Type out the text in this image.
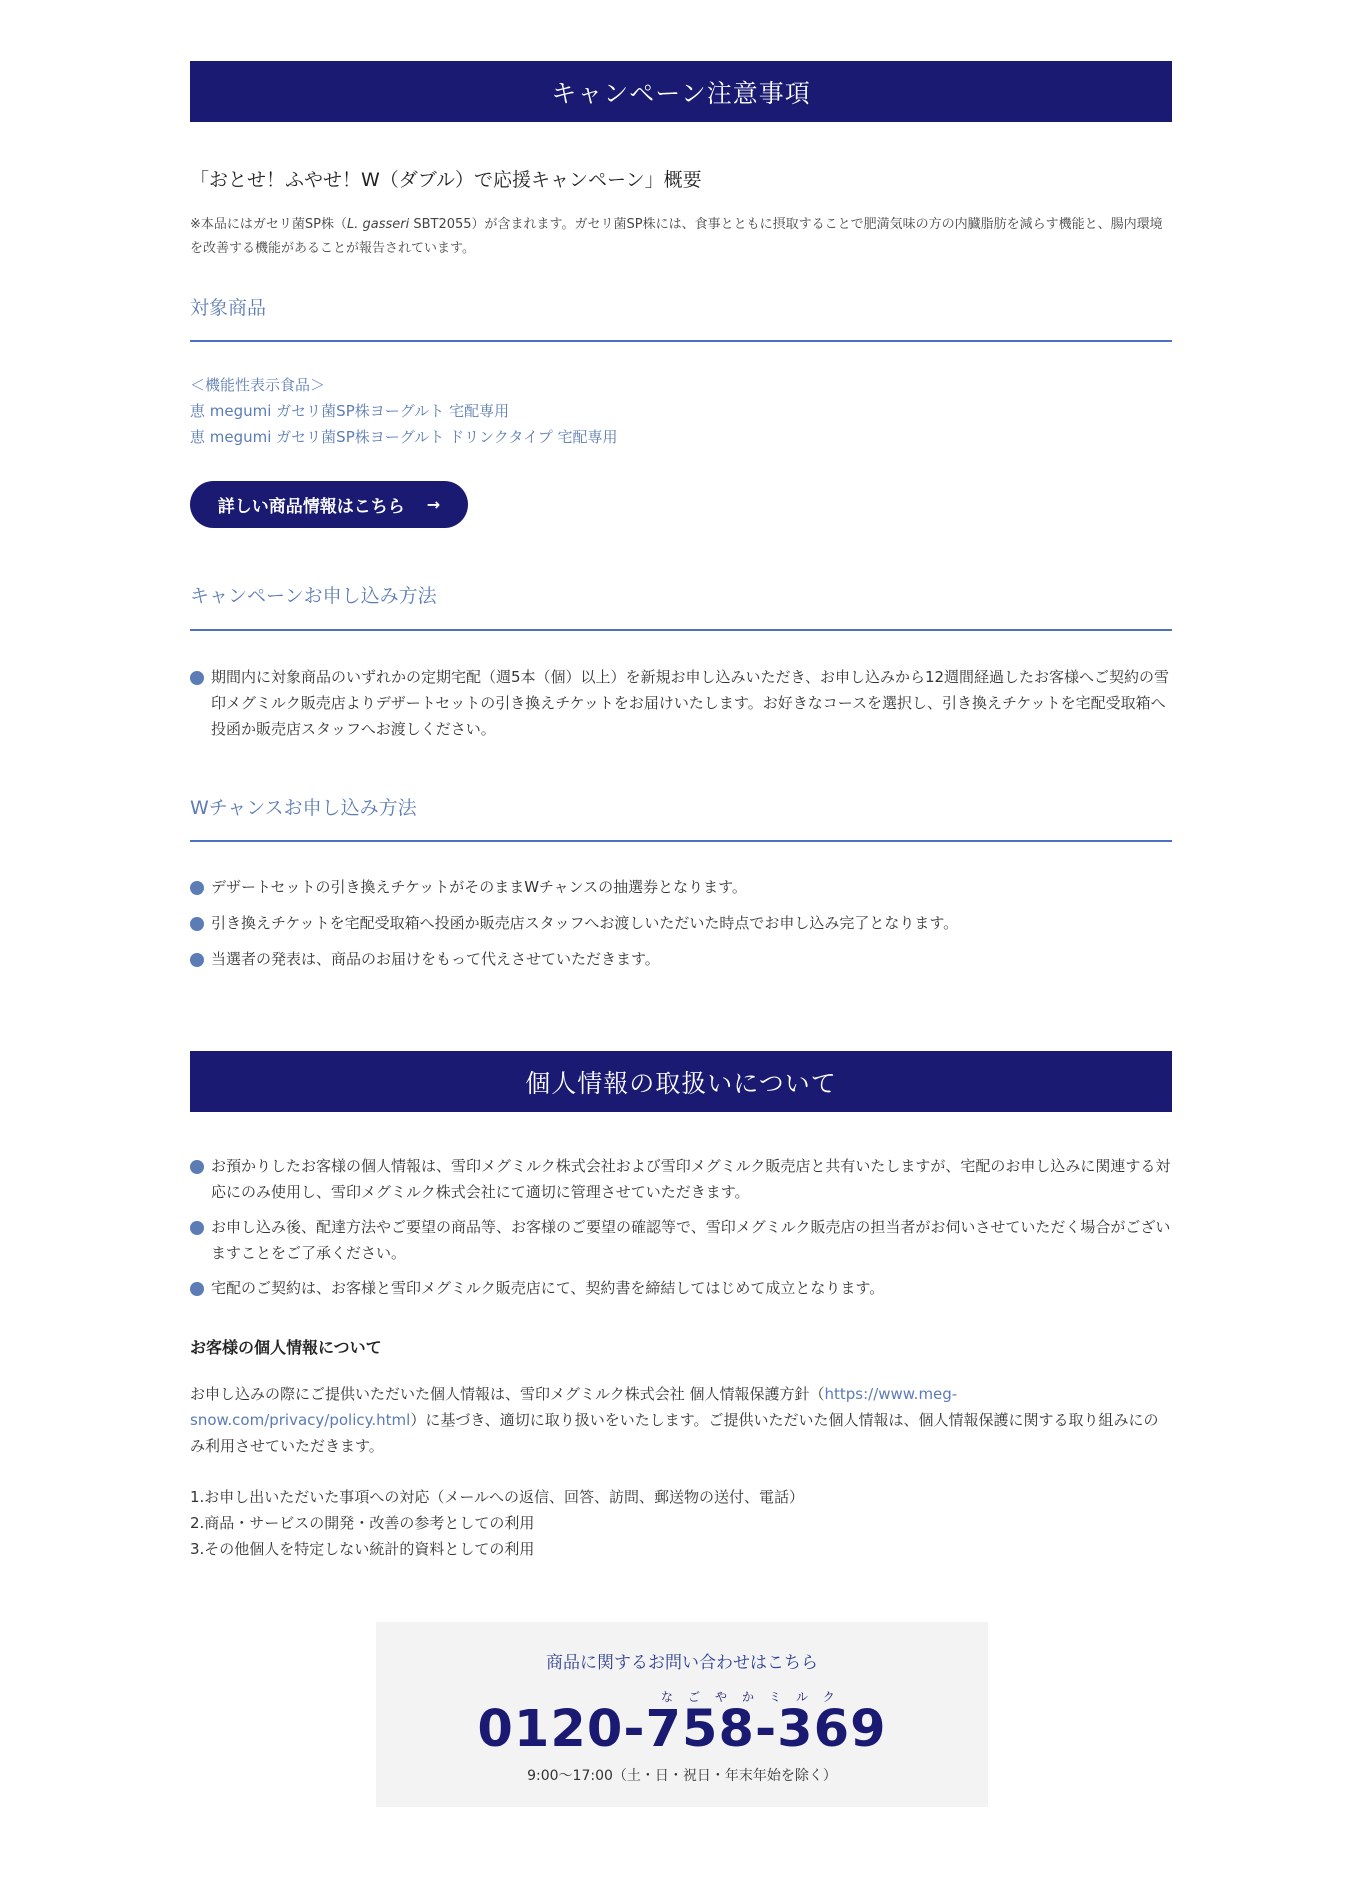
キャンペーン注意事項
「おとせ！ふやせ！W（ダブル）で応援キャンペーン」概要
※本品にはガセリ菌SP株（L. gasseri SBT2055）が含まれます。ガセリ菌SP株には、食事とともに摂取することで肥満気味の方の内臓脂肪を減らす機能と、腸内環境を改善する機能があることが報告されています。
対象商品
＜機能性表示食品＞
恵 megumi ガセリ菌SP株ヨーグルト 宅配専用
恵 megumi ガセリ菌SP株ヨーグルト ドリンクタイプ 宅配専用
詳しい商品情報はこちら →
キャンペーンお申し込み方法
期間内に対象商品のいずれかの定期宅配（週5本（個）以上）を新規お申し込みいただき、お申し込みから12週間経過したお客様へご契約の雪印メグミルク販売店よりデザートセットの引き換えチケットをお届けいたします。お好きなコースを選択し、引き換えチケットを宅配受取箱へ投函か販売店スタッフへお渡しください。
Wチャンスお申し込み方法
デザートセットの引き換えチケットがそのままWチャンスの抽選券となります。
引き換えチケットを宅配受取箱へ投函か販売店スタッフへお渡しいただいた時点でお申し込み完了となります。
当選者の発表は、商品のお届けをもって代えさせていただきます。
個人情報の取扱いについて
お預かりしたお客様の個人情報は、雪印メグミルク株式会社および雪印メグミルク販売店と共有いたしますが、宅配のお申し込みに関連する対応にのみ使用し、雪印メグミルク株式会社にて適切に管理させていただきます。
お申し込み後、配達方法やご要望の商品等、お客様のご要望の確認等で、雪印メグミルク販売店の担当者がお伺いさせていただく場合がございますことをご了承ください。
宅配のご契約は、お客様と雪印メグミルク販売店にて、契約書を締結してはじめて成立となります。
お客様の個人情報について
お申し込みの際にご提供いただいた個人情報は、雪印メグミルク株式会社 個人情報保護方針（https://www.meg-snow.com/privacy/policy.html）に基づき、適切に取り扱いをいたします。ご提供いただいた個人情報は、個人情報保護に関する取り組みにのみ利用させていただきます。
1.お申し出いただいた事項への対応（メールへの返信、回答、訪問、郵送物の送付、電話）
2.商品・サービスの開発・改善の参考としての利用
3.その他個人を特定しない統計的資料としての利用
商品に関するお問い合わせはこちら
なごやかミルク
0120-758-369
9:00〜17:00（土・日・祝日・年末年始を除く）
